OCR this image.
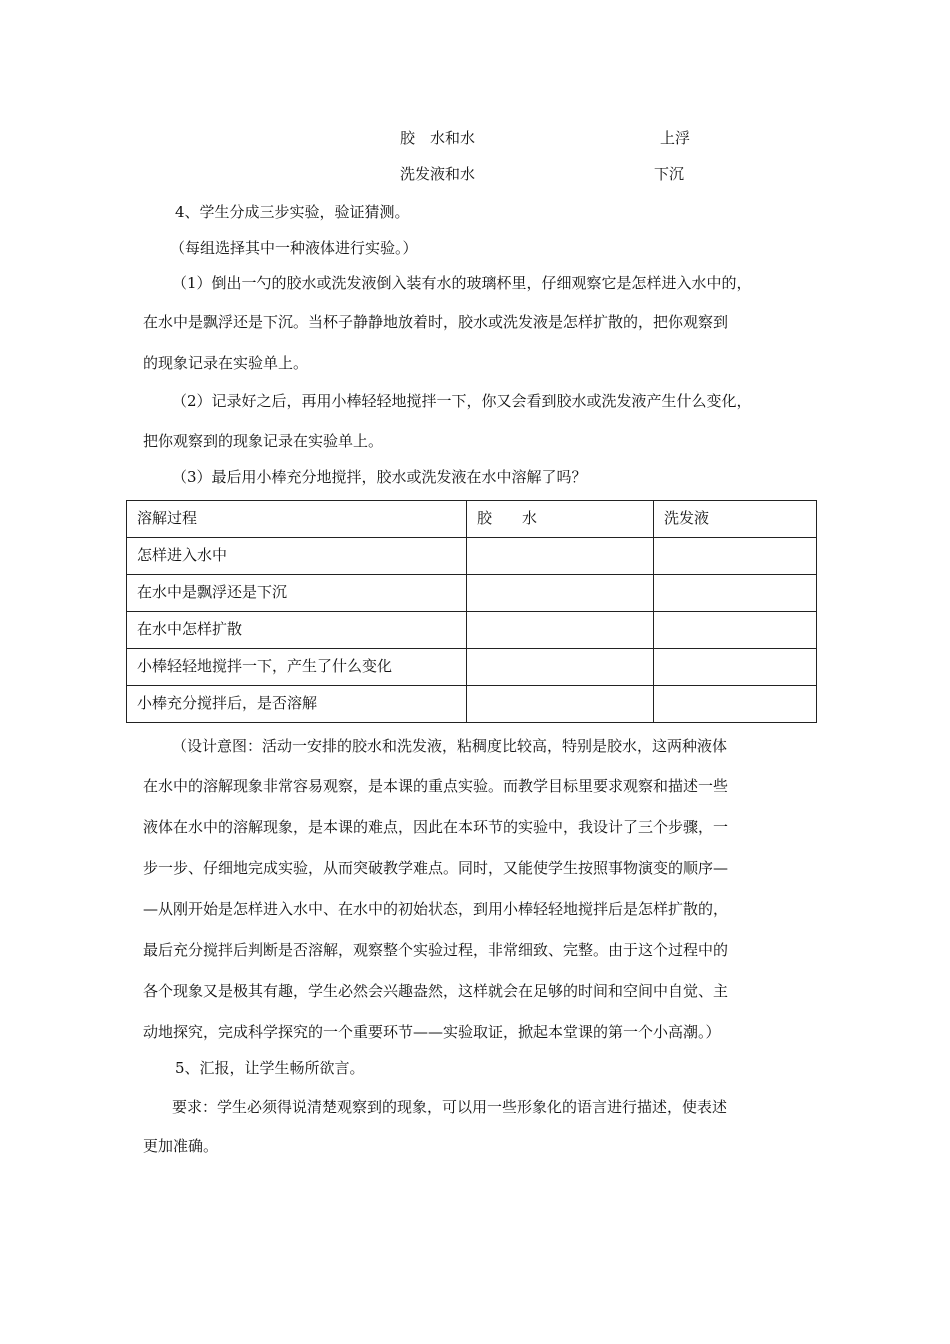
胶　水和水	上浮
洗发液和水	下沉
4、学生分成三步实验，验证猜测。
（每组选择其中一种液体进行实验。）
（1）倒出一勺的胶水或洗发液倒入装有水的玻璃杯里，仔细观察它是怎样进入水中的，
在水中是飘浮还是下沉。当杯子静静地放着时，胶水或洗发液是怎样扩散的，把你观察到
的现象记录在实验单上。
（2）记录好之后，再用小棒轻轻地搅拌一下，你又会看到胶水或洗发液产生什么变化，
把你观察到的现象记录在实验单上。
（3）最后用小棒充分地搅拌，胶水或洗发液在水中溶解了吗？
溶解过程	胶　　水	洗发液
怎样进入水中		
在水中是飘浮还是下沉		
在水中怎样扩散		
小棒轻轻地搅拌一下，产生了什么变化		
小棒充分搅拌后，是否溶解		
（设计意图：活动一安排的胶水和洗发液，粘稠度比较高，特别是胶水，这两种液体
在水中的溶解现象非常容易观察，是本课的重点实验。而教学目标里要求观察和描述一些
液体在水中的溶解现象，是本课的难点，因此在本环节的实验中，我设计了三个步骤，一
步一步、仔细地完成实验，从而突破教学难点。同时，又能使学生按照事物演变的顺序—
—从刚开始是怎样进入水中、在水中的初始状态，到用小棒轻轻地搅拌后是怎样扩散的，
最后充分搅拌后判断是否溶解，观察整个实验过程，非常细致、完整。由于这个过程中的
各个现象又是极其有趣，学生必然会兴趣盎然，这样就会在足够的时间和空间中自觉、主
动地探究，完成科学探究的一个重要环节——实验取证，掀起本堂课的第一个小高潮。）
5、汇报，让学生畅所欲言。
要求：学生必须得说清楚观察到的现象，可以用一些形象化的语言进行描述，使表述
更加准确。
